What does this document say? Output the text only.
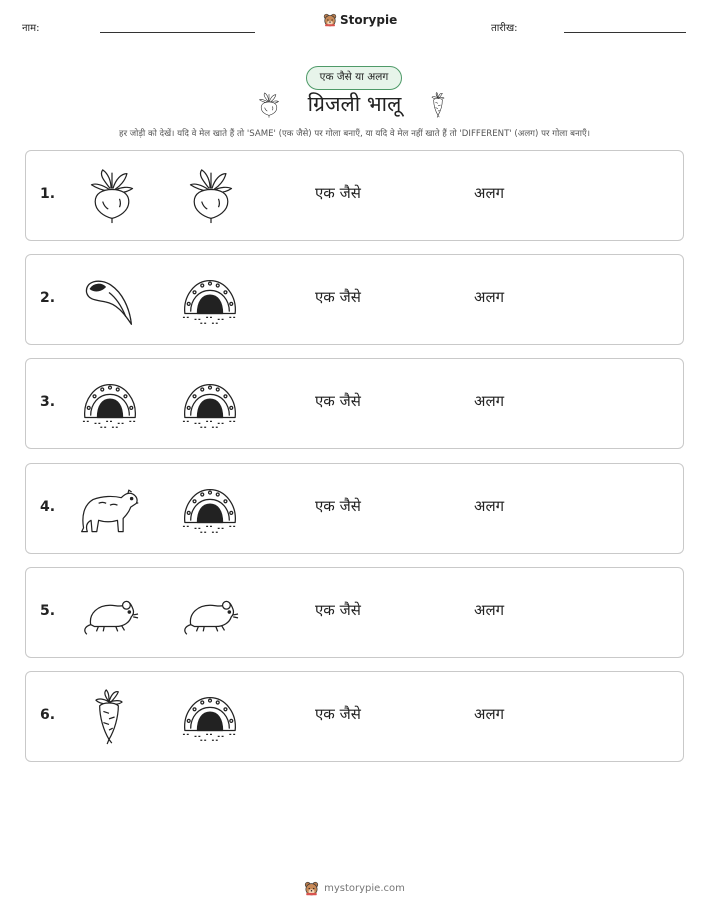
नाम:
Storypie
तारीख:
एक जैसे या अलग
ग्रिजली भालू
हर जोड़ी को देखें। यदि वे मेल खाते हैं तो 'SAME' (एक जैसे) पर गोला बनाएँ, या यदि वे मेल नहीं खाते हैं तो 'DIFFERENT' (अलग) पर गोला बनाएँ।
1.	एक जैसे	अलग
2.	एक जैसे	अलग
3.	एक जैसे	अलग
4.	एक जैसे	अलग
5.	एक जैसे	अलग
6.	एक जैसे	अलग
mystorypie.com
